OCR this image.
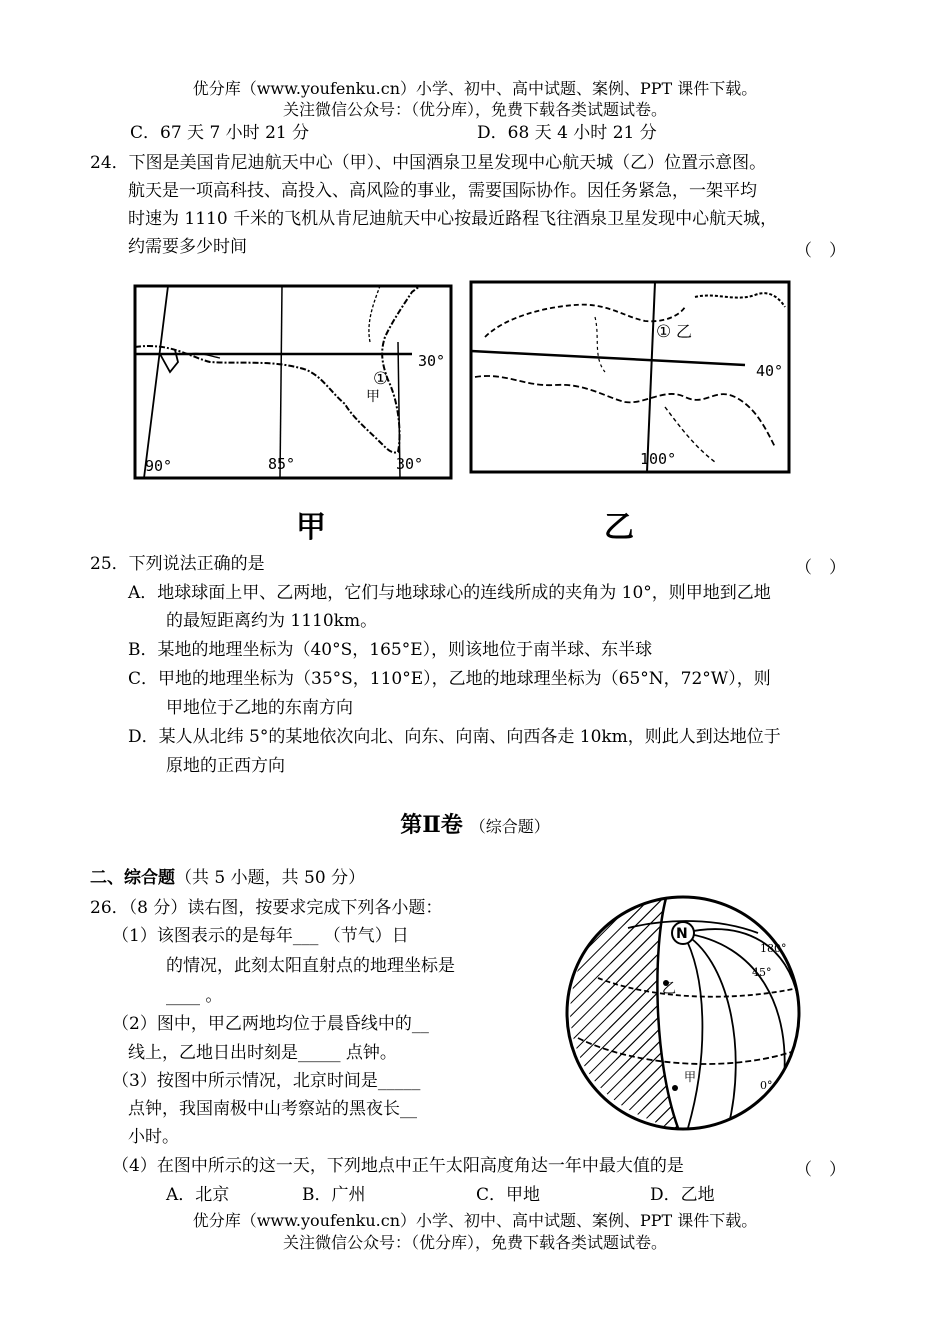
优分库（www.youfenku.cn）小学、初中、高中试题、案例、PPT 课件下载。
关注微信公众号：（优分库），免费下载各类试题试卷。
C．67 天 7 小时 21 分	D．68 天 4 小时 21 分
24．下图是美国肯尼迪航天中心（甲）、中国酒泉卫星发现中心航天城（乙）位置示意图。
航天是一项高科技、高投入、高风险的事业，需要国际协作。因任务紧急，一架平均
时速为 1110 千米的飞机从肯尼迪航天中心按最近路程飞往酒泉卫星发现中心航天城，
约需要多少时间	（　）
30°
90°	85°	30°
①
甲
甲
① 乙
40°
100°
乙
25．下列说法正确的是	（　）
A．地球球面上甲、乙两地，它们与地球球心的连线所成的夹角为 10°，则甲地到乙地
的最短距离约为 1110km。
B．某地的地理坐标为（40°S，165°E），则该地位于南半球、东半球
C．甲地的地理坐标为（35°S，110°E），乙地的地球理坐标为（65°N，72°W），则
甲地位于乙地的东南方向
D．某人从北纬 5°的某地依次向北、向东、向南、向西各走 10km，则此人到达地位于
原地的正西方向
第Ⅱ卷 （综合题）
二、综合题（共 5 小题，共 50 分）
26．（8 分）读右图，按要求完成下列各小题：
（1）该图表示的是每年___ （节气）日
的情况，此刻太阳直射点的地理坐标是
____ 。
（2）图中，甲乙两地均位于晨昏线中的__
线上，乙地日出时刻是_____ 点钟。
（3）按图中所示情况，北京时间是_____
点钟，我国南极中山考察站的黑夜长__
小时。
（4）在图中所示的这一天，下列地点中正午太阳高度角达一年中最大值的是	（　）
A．北京	B．广州	C．甲地	D．乙地
N
180°
45°
0°
乙
甲
优分库（www.youfenku.cn）小学、初中、高中试题、案例、PPT 课件下载。
关注微信公众号：（优分库），免费下载各类试题试卷。
